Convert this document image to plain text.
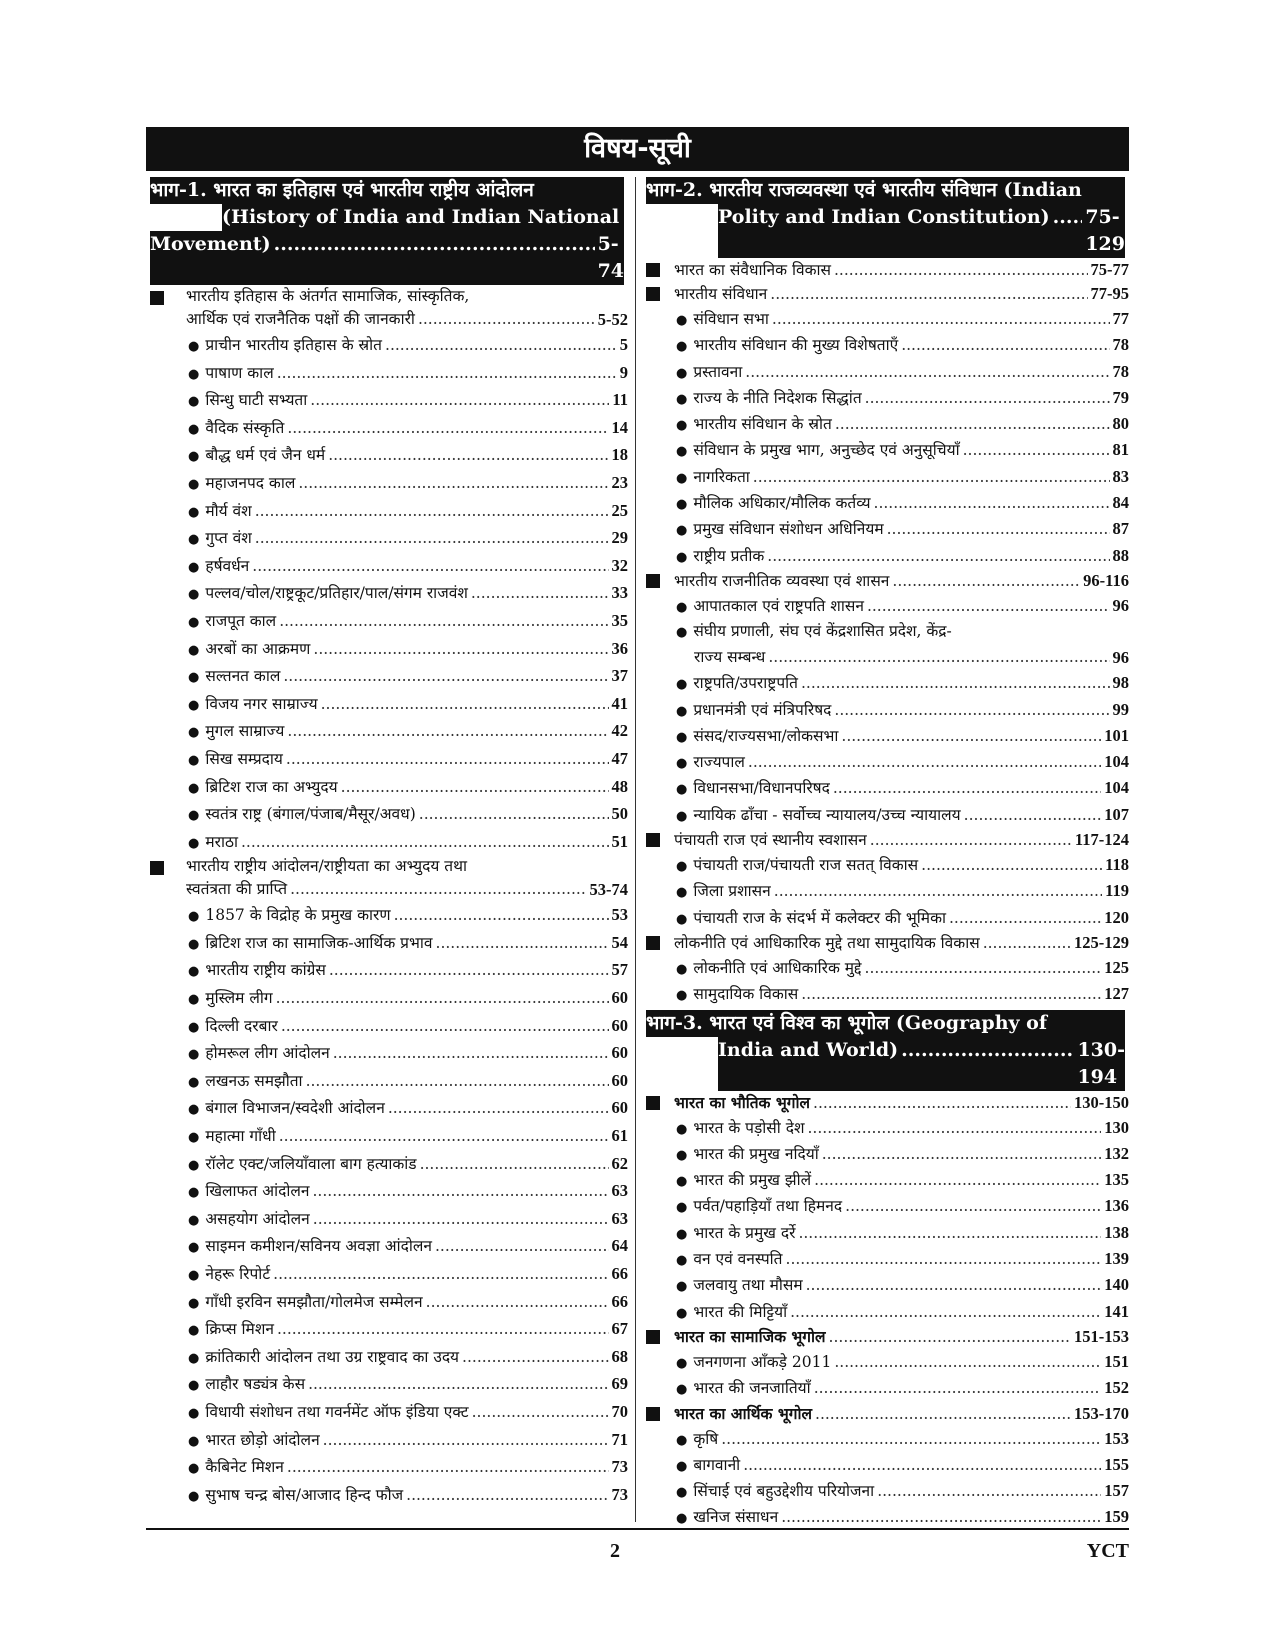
विषय-सूची
भाग-1. भारत का इतिहास एवं भारतीय राष्ट्रीय आंदोलन
(History of India and Indian National
Movement) .....	5-74
भारतीय इतिहास के अंतर्गत सामाजिक, सांस्कृतिक,
आर्थिक एवं राजनैतिक पक्षों की जानकारी .....	5-52
● प्राचीन भारतीय इतिहास के स्रोत .....	5
● पाषाण काल .....	9
● सिन्धु घाटी सभ्यता .....	11
● वैदिक संस्कृति .....	14
● बौद्ध धर्म एवं जैन धर्म .....	18
● महाजनपद काल .....	23
● मौर्य वंश .....	25
● गुप्त वंश .....	29
● हर्षवर्धन .....	32
● पल्लव/चोल/राष्ट्रकूट/प्रतिहार/पाल/संगम राजवंश .....	33
● राजपूत काल .....	35
● अरबों का आक्रमण .....	36
● सल्तनत काल .....	37
● विजय नगर साम्राज्य .....	41
● मुगल साम्राज्य .....	42
● सिख सम्प्रदाय .....	47
● ब्रिटिश राज का अभ्युदय .....	48
● स्वतंत्र राष्ट्र (बंगाल/पंजाब/मैसूर/अवध) .....	50
● मराठा .....	51
भारतीय राष्ट्रीय आंदोलन/राष्ट्रीयता का अभ्युदय तथा
स्वतंत्रता की प्राप्ति .....	53-74
● 1857 के विद्रोह के प्रमुख कारण .....	53
● ब्रिटिश राज का सामाजिक-आर्थिक प्रभाव .....	54
● भारतीय राष्ट्रीय कांग्रेस .....	57
● मुस्लिम लीग .....	60
● दिल्ली दरबार .....	60
● होमरूल लीग आंदोलन .....	60
● लखनऊ समझौता .....	60
● बंगाल विभाजन/स्वदेशी आंदोलन .....	60
● महात्मा गाँधी .....	61
● रॉलेट एक्ट/जलियाँवाला बाग हत्याकांड .....	62
● खिलाफत आंदोलन .....	63
● असहयोग आंदोलन .....	63
● साइमन कमीशन/सविनय अवज्ञा आंदोलन .....	64
● नेहरू रिपोर्ट .....	66
● गाँधी इरविन समझौता/गोलमेज सम्मेलन .....	66
● क्रिप्स मिशन .....	67
● क्रांतिकारी आंदोलन तथा उग्र राष्ट्रवाद का उदय .....	68
● लाहौर षड्यंत्र केस .....	69
● विधायी संशोधन तथा गवर्नमेंट ऑफ इंडिया एक्ट .....	70
● भारत छोड़ो आंदोलन .....	71
● कैबिनेट मिशन .....	73
● सुभाष चन्द्र बोस/आजाद हिन्द फौज .....	73
भाग-2. भारतीय राजव्यवस्था एवं भारतीय संविधान (Indian
Polity and Indian Constitution) ..... 75-129
भारत का संवैधानिक विकास .....	75-77
भारतीय संविधान .....	77-95
● संविधान सभा .....	77
● भारतीय संविधान की मुख्य विशेषताएँ .....	78
● प्रस्तावना .....	78
● राज्य के नीति निदेशक सिद्धांत .....	79
● भारतीय संविधान के स्रोत .....	80
● संविधान के प्रमुख भाग, अनुच्छेद एवं अनुसूचियाँ .....	81
● नागरिकता .....	83
● मौलिक अधिकार/मौलिक कर्तव्य .....	84
● प्रमुख संविधान संशोधन अधिनियम .....	87
● राष्ट्रीय प्रतीक .....	88
भारतीय राजनीतिक व्यवस्था एवं शासन .....	96-116
● आपातकाल एवं राष्ट्रपति शासन .....	96
● संघीय प्रणाली, संघ एवं केंद्रशासित प्रदेश, केंद्र-
राज्य सम्बन्ध .....	96
● राष्ट्रपति/उपराष्ट्रपति .....	98
● प्रधानमंत्री एवं मंत्रिपरिषद .....	99
● संसद/राज्यसभा/लोकसभा .....	101
● राज्यपाल .....	104
● विधानसभा/विधानपरिषद .....	104
● न्यायिक ढाँचा - सर्वोच्च न्यायालय/उच्च न्यायालय .....	107
पंचायती राज एवं स्थानीय स्वशासन .....	117-124
● पंचायती राज/पंचायती राज सतत् विकास .....	118
● जिला प्रशासन .....	119
● पंचायती राज के संदर्भ में कलेक्टर की भूमिका .....	120
लोकनीति एवं आधिकारिक मुद्दे तथा सामुदायिक विकास .....	125-129
● लोकनीति एवं आधिकारिक मुद्दे .....	125
● सामुदायिक विकास .....	127
भाग-3. भारत एवं विश्व का भूगोल (Geography of
India and World) .....	130-194
भारत का भौतिक भूगोल .....	130-150
● भारत के पड़ोसी देश .....	130
● भारत की प्रमुख नदियाँ .....	132
● भारत की प्रमुख झीलें .....	135
● पर्वत/पहाड़ियाँ तथा हिमनद .....	136
● भारत के प्रमुख दर्रे .....	138
● वन एवं वनस्पति .....	139
● जलवायु तथा मौसम .....	140
● भारत की मिट्टियाँ .....	141
भारत का सामाजिक भूगोल .....	151-153
● जनगणना आँकड़े 2011 .....	151
● भारत की जनजातियाँ .....	152
भारत का आर्थिक भूगोल .....	153-170
● कृषि .....	153
● बागवानी .....	155
● सिंचाई एवं बहुउद्देशीय परियोजना .....	157
● खनिज संसाधन .....	159
2	YCT
